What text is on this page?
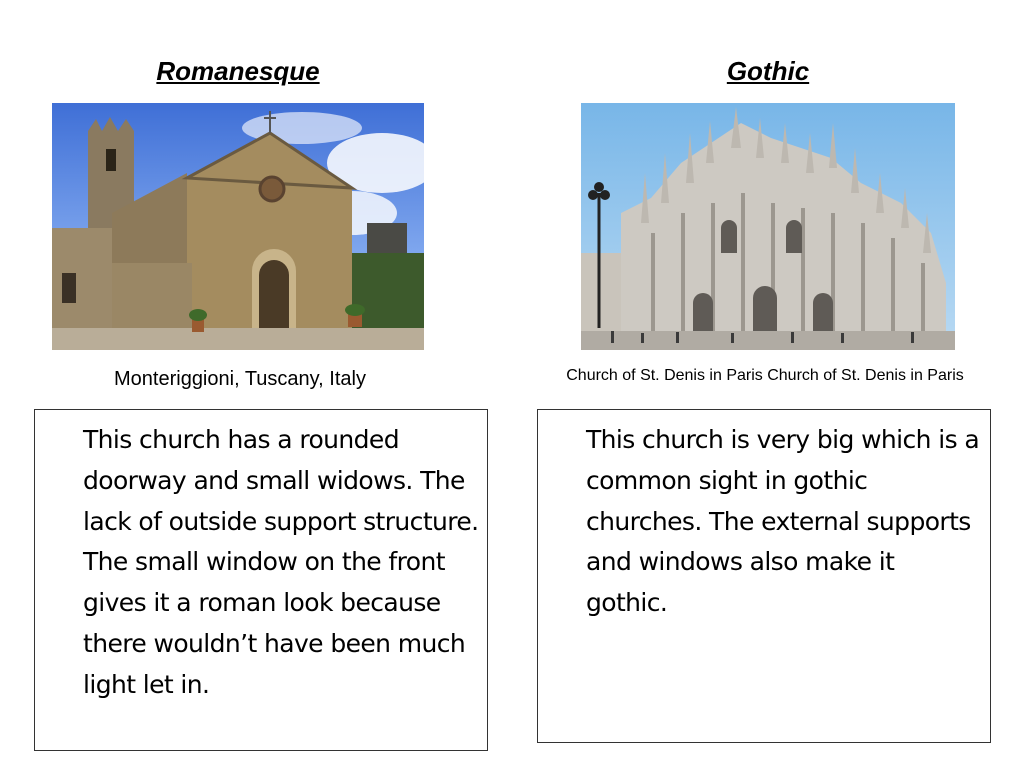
Romanesque	Gothic
Monteriggioni, Tuscany, Italy	Church of St. Denis in Paris Church of St. Denis in Paris
This church has a rounded doorway and small widows. The lack of outside support structure. The small window on the front gives it a roman look because there wouldn’t have been much light let in.
This church is very big which is a common sight in gothic churches. The external supports and windows also make it gothic.
